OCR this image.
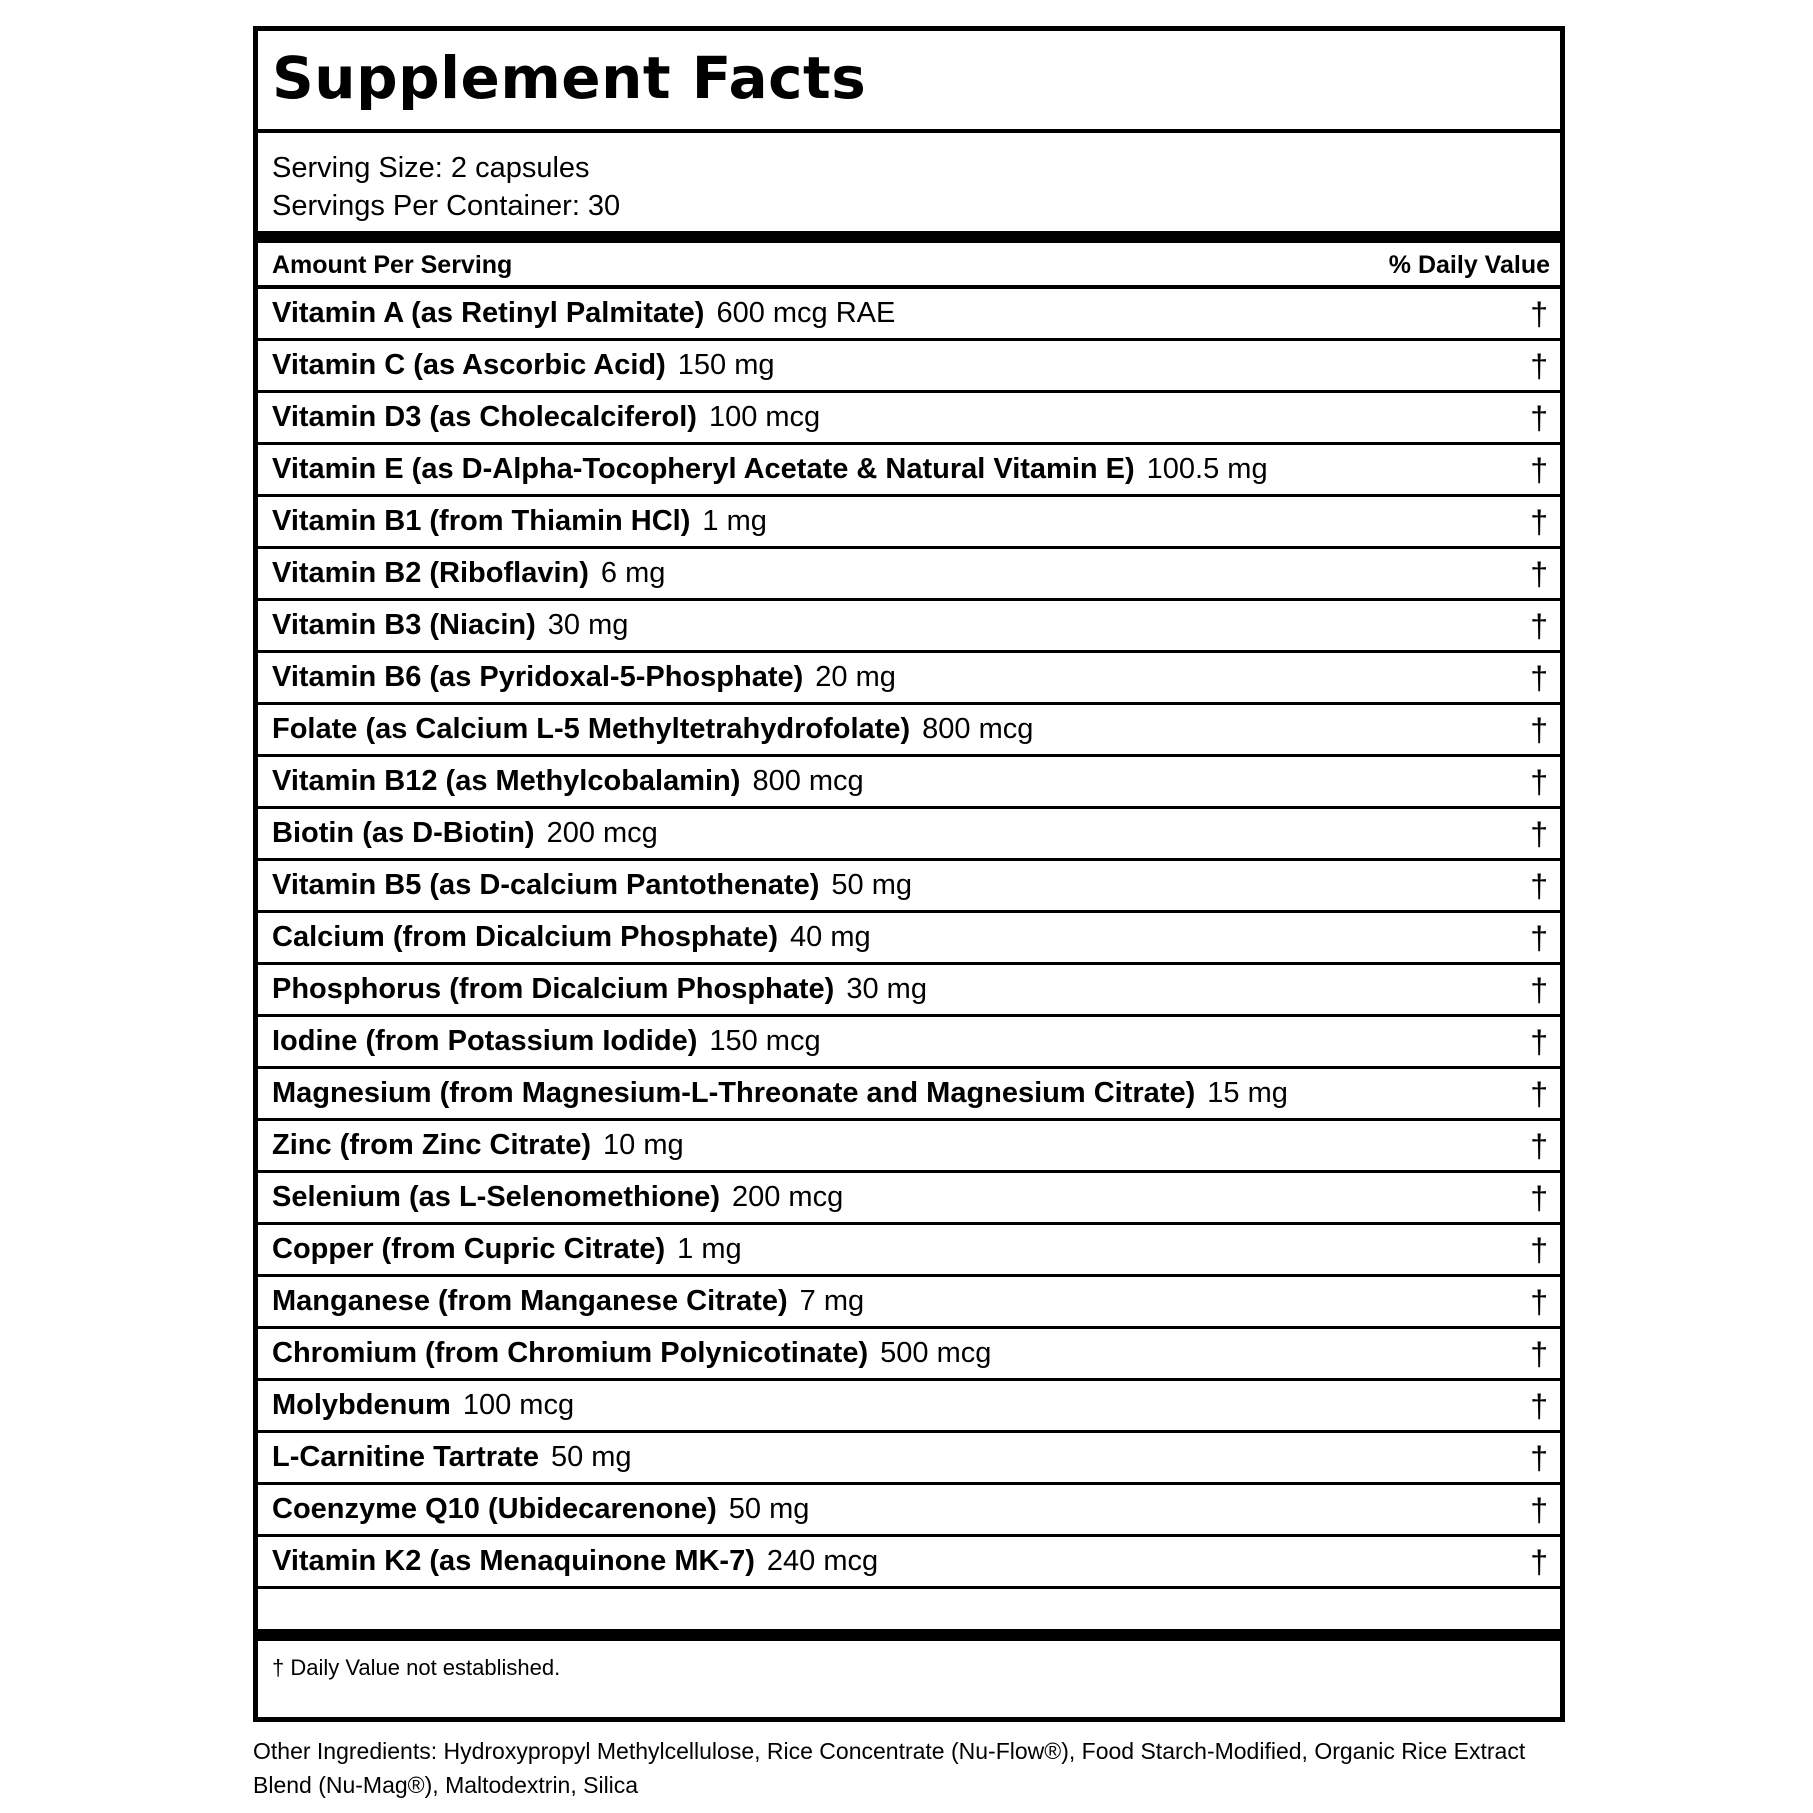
Supplement Facts
Serving Size: 2 capsules
Servings Per Container: 30
Amount Per Serving	% Daily Value
Vitamin A (as Retinyl Palmitate) 600 mcg RAE	†
Vitamin C (as Ascorbic Acid) 150 mg	†
Vitamin D3 (as Cholecalciferol) 100 mcg	†
Vitamin E (as D-Alpha-Tocopheryl Acetate & Natural Vitamin E) 100.5 mg	†
Vitamin B1 (from Thiamin HCl) 1 mg	†
Vitamin B2 (Riboflavin) 6 mg	†
Vitamin B3 (Niacin) 30 mg	†
Vitamin B6 (as Pyridoxal-5-Phosphate) 20 mg	†
Folate (as Calcium L-5 Methyltetrahydrofolate) 800 mcg	†
Vitamin B12 (as Methylcobalamin) 800 mcg	†
Biotin (as D-Biotin) 200 mcg	†
Vitamin B5 (as D-calcium Pantothenate) 50 mg	†
Calcium (from Dicalcium Phosphate) 40 mg	†
Phosphorus (from Dicalcium Phosphate) 30 mg	†
Iodine (from Potassium Iodide) 150 mcg	†
Magnesium (from Magnesium-L-Threonate and Magnesium Citrate) 15 mg	†
Zinc (from Zinc Citrate) 10 mg	†
Selenium (as L-Selenomethione) 200 mcg	†
Copper (from Cupric Citrate) 1 mg	†
Manganese (from Manganese Citrate) 7 mg	†
Chromium (from Chromium Polynicotinate) 500 mcg	†
Molybdenum 100 mcg	†
L-Carnitine Tartrate 50 mg	†
Coenzyme Q10 (Ubidecarenone) 50 mg	†
Vitamin K2 (as Menaquinone MK-7) 240 mcg	†
† Daily Value not established.
Other Ingredients: Hydroxypropyl Methylcellulose, Rice Concentrate (Nu-Flow®), Food Starch-Modified, Organic Rice Extract Blend (Nu-Mag®), Maltodextrin, Silica
